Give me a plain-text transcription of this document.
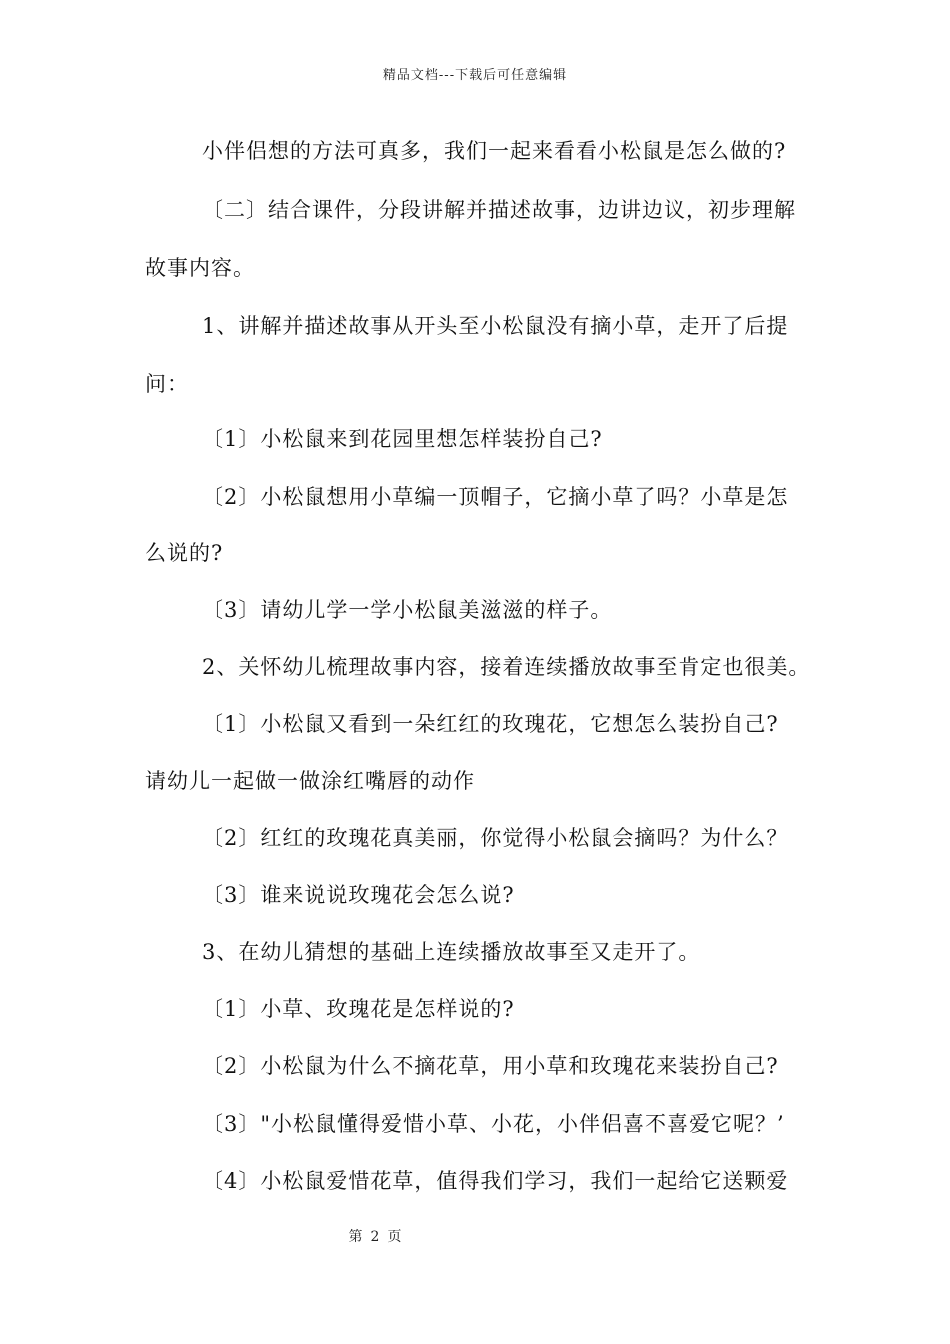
精品文档---下载后可任意编辑
小伴侣想的方法可真多，我们一起来看看小松鼠是怎么做的?
〔二〕结合课件，分段讲解并描述故事，边讲边议，初步理解
故事内容。
1、讲解并描述故事从开头至小松鼠没有摘小草，走开了后提
问：
〔1〕小松鼠来到花园里想怎样装扮自己?
〔2〕小松鼠想用小草编一顶帽子，它摘小草了吗？小草是怎
么说的?
〔3〕请幼儿学一学小松鼠美滋滋的样子。
2、关怀幼儿梳理故事内容，接着连续播放故事至肯定也很美。
〔1〕小松鼠又看到一朵红红的玫瑰花，它想怎么装扮自己?
请幼儿一起做一做涂红嘴唇的动作
〔2〕红红的玫瑰花真美丽，你觉得小松鼠会摘吗？为什么？
〔3〕谁来说说玫瑰花会怎么说?
3、在幼儿猜想的基础上连续播放故事至又走开了。
〔1〕小草、玫瑰花是怎样说的?
〔2〕小松鼠为什么不摘花草，用小草和玫瑰花来装扮自己?
〔3〕"小松鼠懂得爱惜小草、小花，小伴侣喜不喜爱它呢？’
〔4〕小松鼠爱惜花草，值得我们学习，我们一起给它送颗爱
第 2 页
